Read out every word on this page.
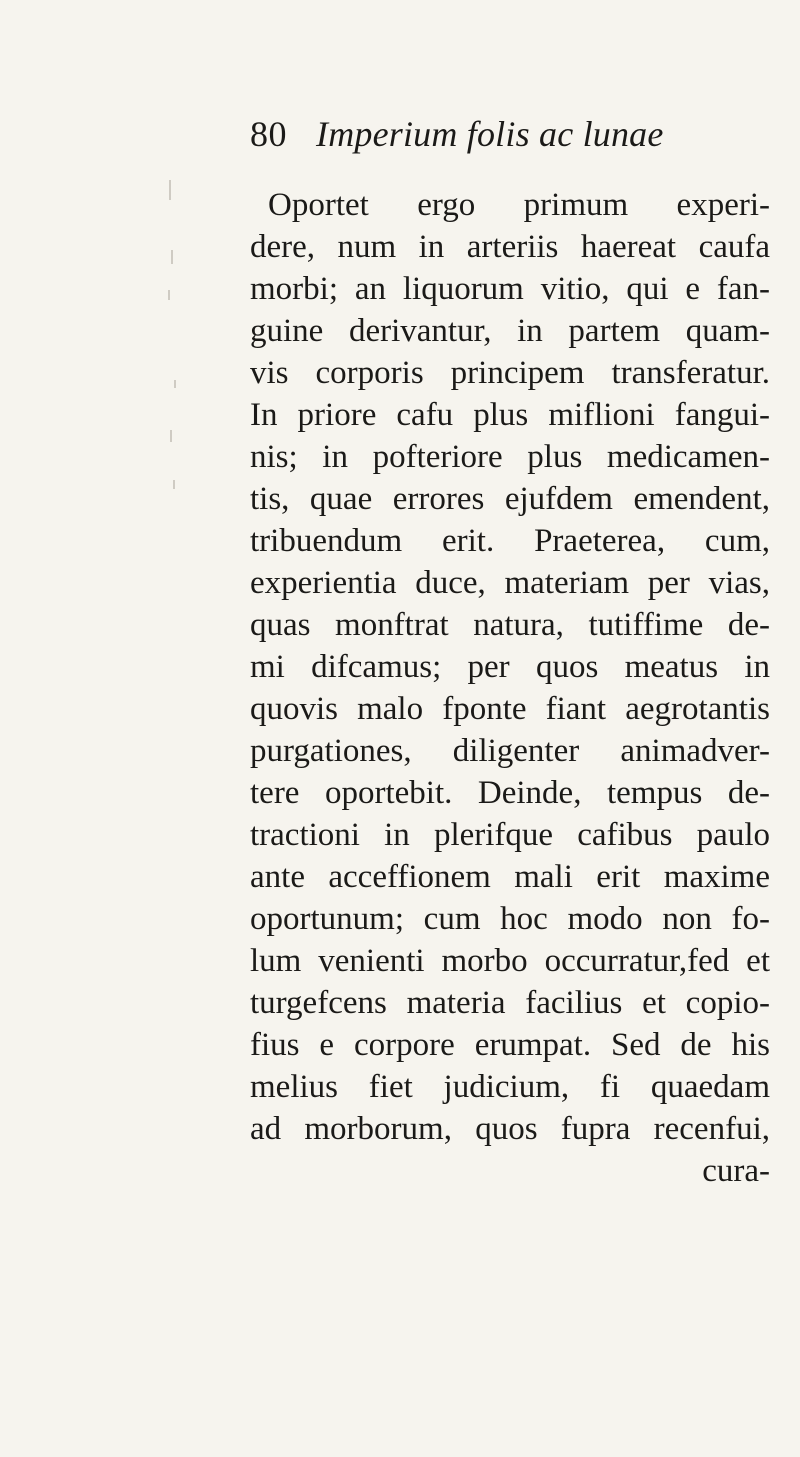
80 Imperium folis ac lunae
Oportet ergo primum experi-
dere, num in arteriis haereat caufa
morbi; an liquorum vitio, qui e fan-
guine derivantur, in partem quam-
vis corporis principem transferatur.
In priore cafu plus miflioni fangui-
nis; in pofteriore plus medicamen-
tis, quae errores ejufdem emendent,
tribuendum erit. Praeterea, cum,
experientia duce, materiam per vias,
quas monftrat natura, tutiffime de-
mi difcamus; per quos meatus in
quovis malo fponte fiant aegrotantis
purgationes, diligenter animadver-
tere oportebit. Deinde, tempus de-
tractioni in plerifque cafibus paulo
ante acceffionem mali erit maxime
oportunum; cum hoc modo non fo-
lum venienti morbo occurratur,fed et
turgefcens materia facilius et copio-
fius e corpore erumpat. Sed de his
melius fiet judicium, fi quaedam
ad morborum, quos fupra recenfui,
cura-
